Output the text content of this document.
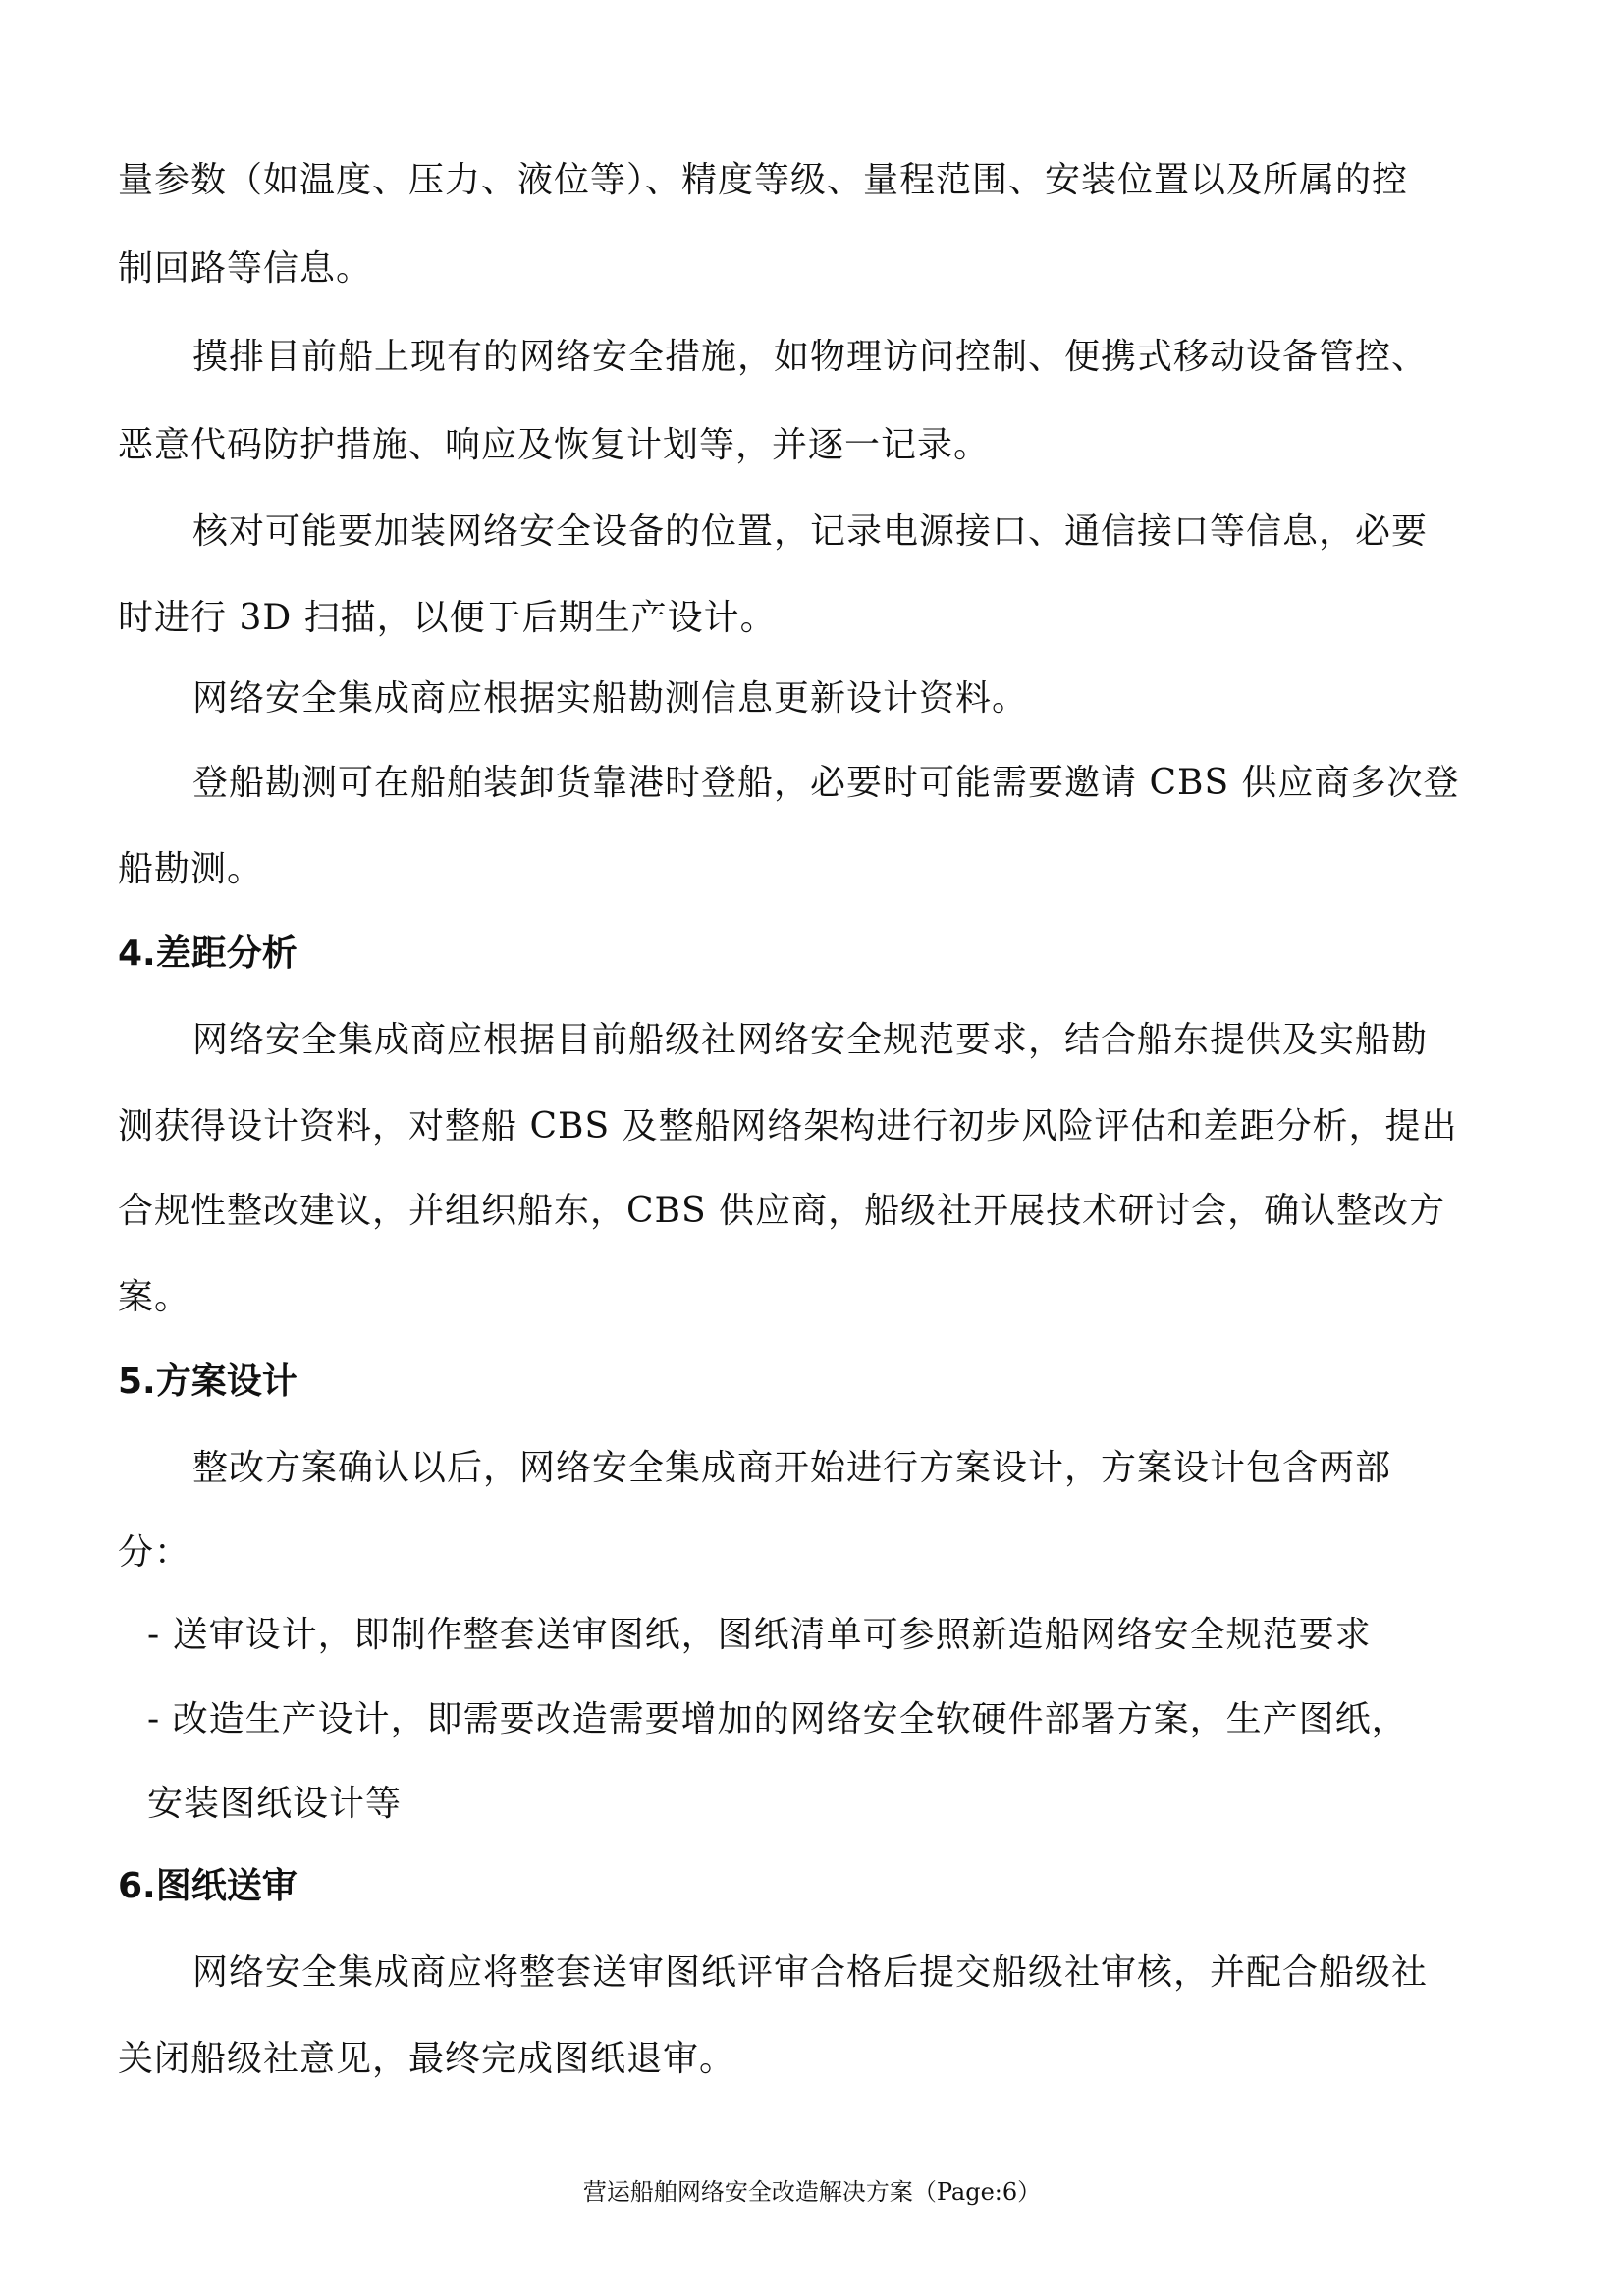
量参数（如温度、压力、液位等）、精度等级、量程范围、安装位置以及所属的控
制回路等信息。
摸排目前船上现有的网络安全措施，如物理访问控制、便携式移动设备管控、
恶意代码防护措施、响应及恢复计划等，并逐一记录。
核对可能要加装网络安全设备的位置，记录电源接口、通信接口等信息，必要
时进行 3D 扫描，以便于后期生产设计。
网络安全集成商应根据实船勘测信息更新设计资料。
登船勘测可在船舶装卸货靠港时登船，必要时可能需要邀请 CBS 供应商多次登
船勘测。
4.差距分析
网络安全集成商应根据目前船级社网络安全规范要求，结合船东提供及实船勘
测获得设计资料，对整船 CBS 及整船网络架构进行初步风险评估和差距分析，提出
合规性整改建议，并组织船东，CBS 供应商，船级社开展技术研讨会，确认整改方
案。
5.方案设计
整改方案确认以后，网络安全集成商开始进行方案设计，方案设计包含两部
分：
- 送审设计，即制作整套送审图纸，图纸清单可参照新造船网络安全规范要求
- 改造生产设计，即需要改造需要增加的网络安全软硬件部署方案，生产图纸，
安装图纸设计等
6.图纸送审
网络安全集成商应将整套送审图纸评审合格后提交船级社审核，并配合船级社
关闭船级社意见，最终完成图纸退审。
营运船舶网络安全改造解决方案（Page:6）
